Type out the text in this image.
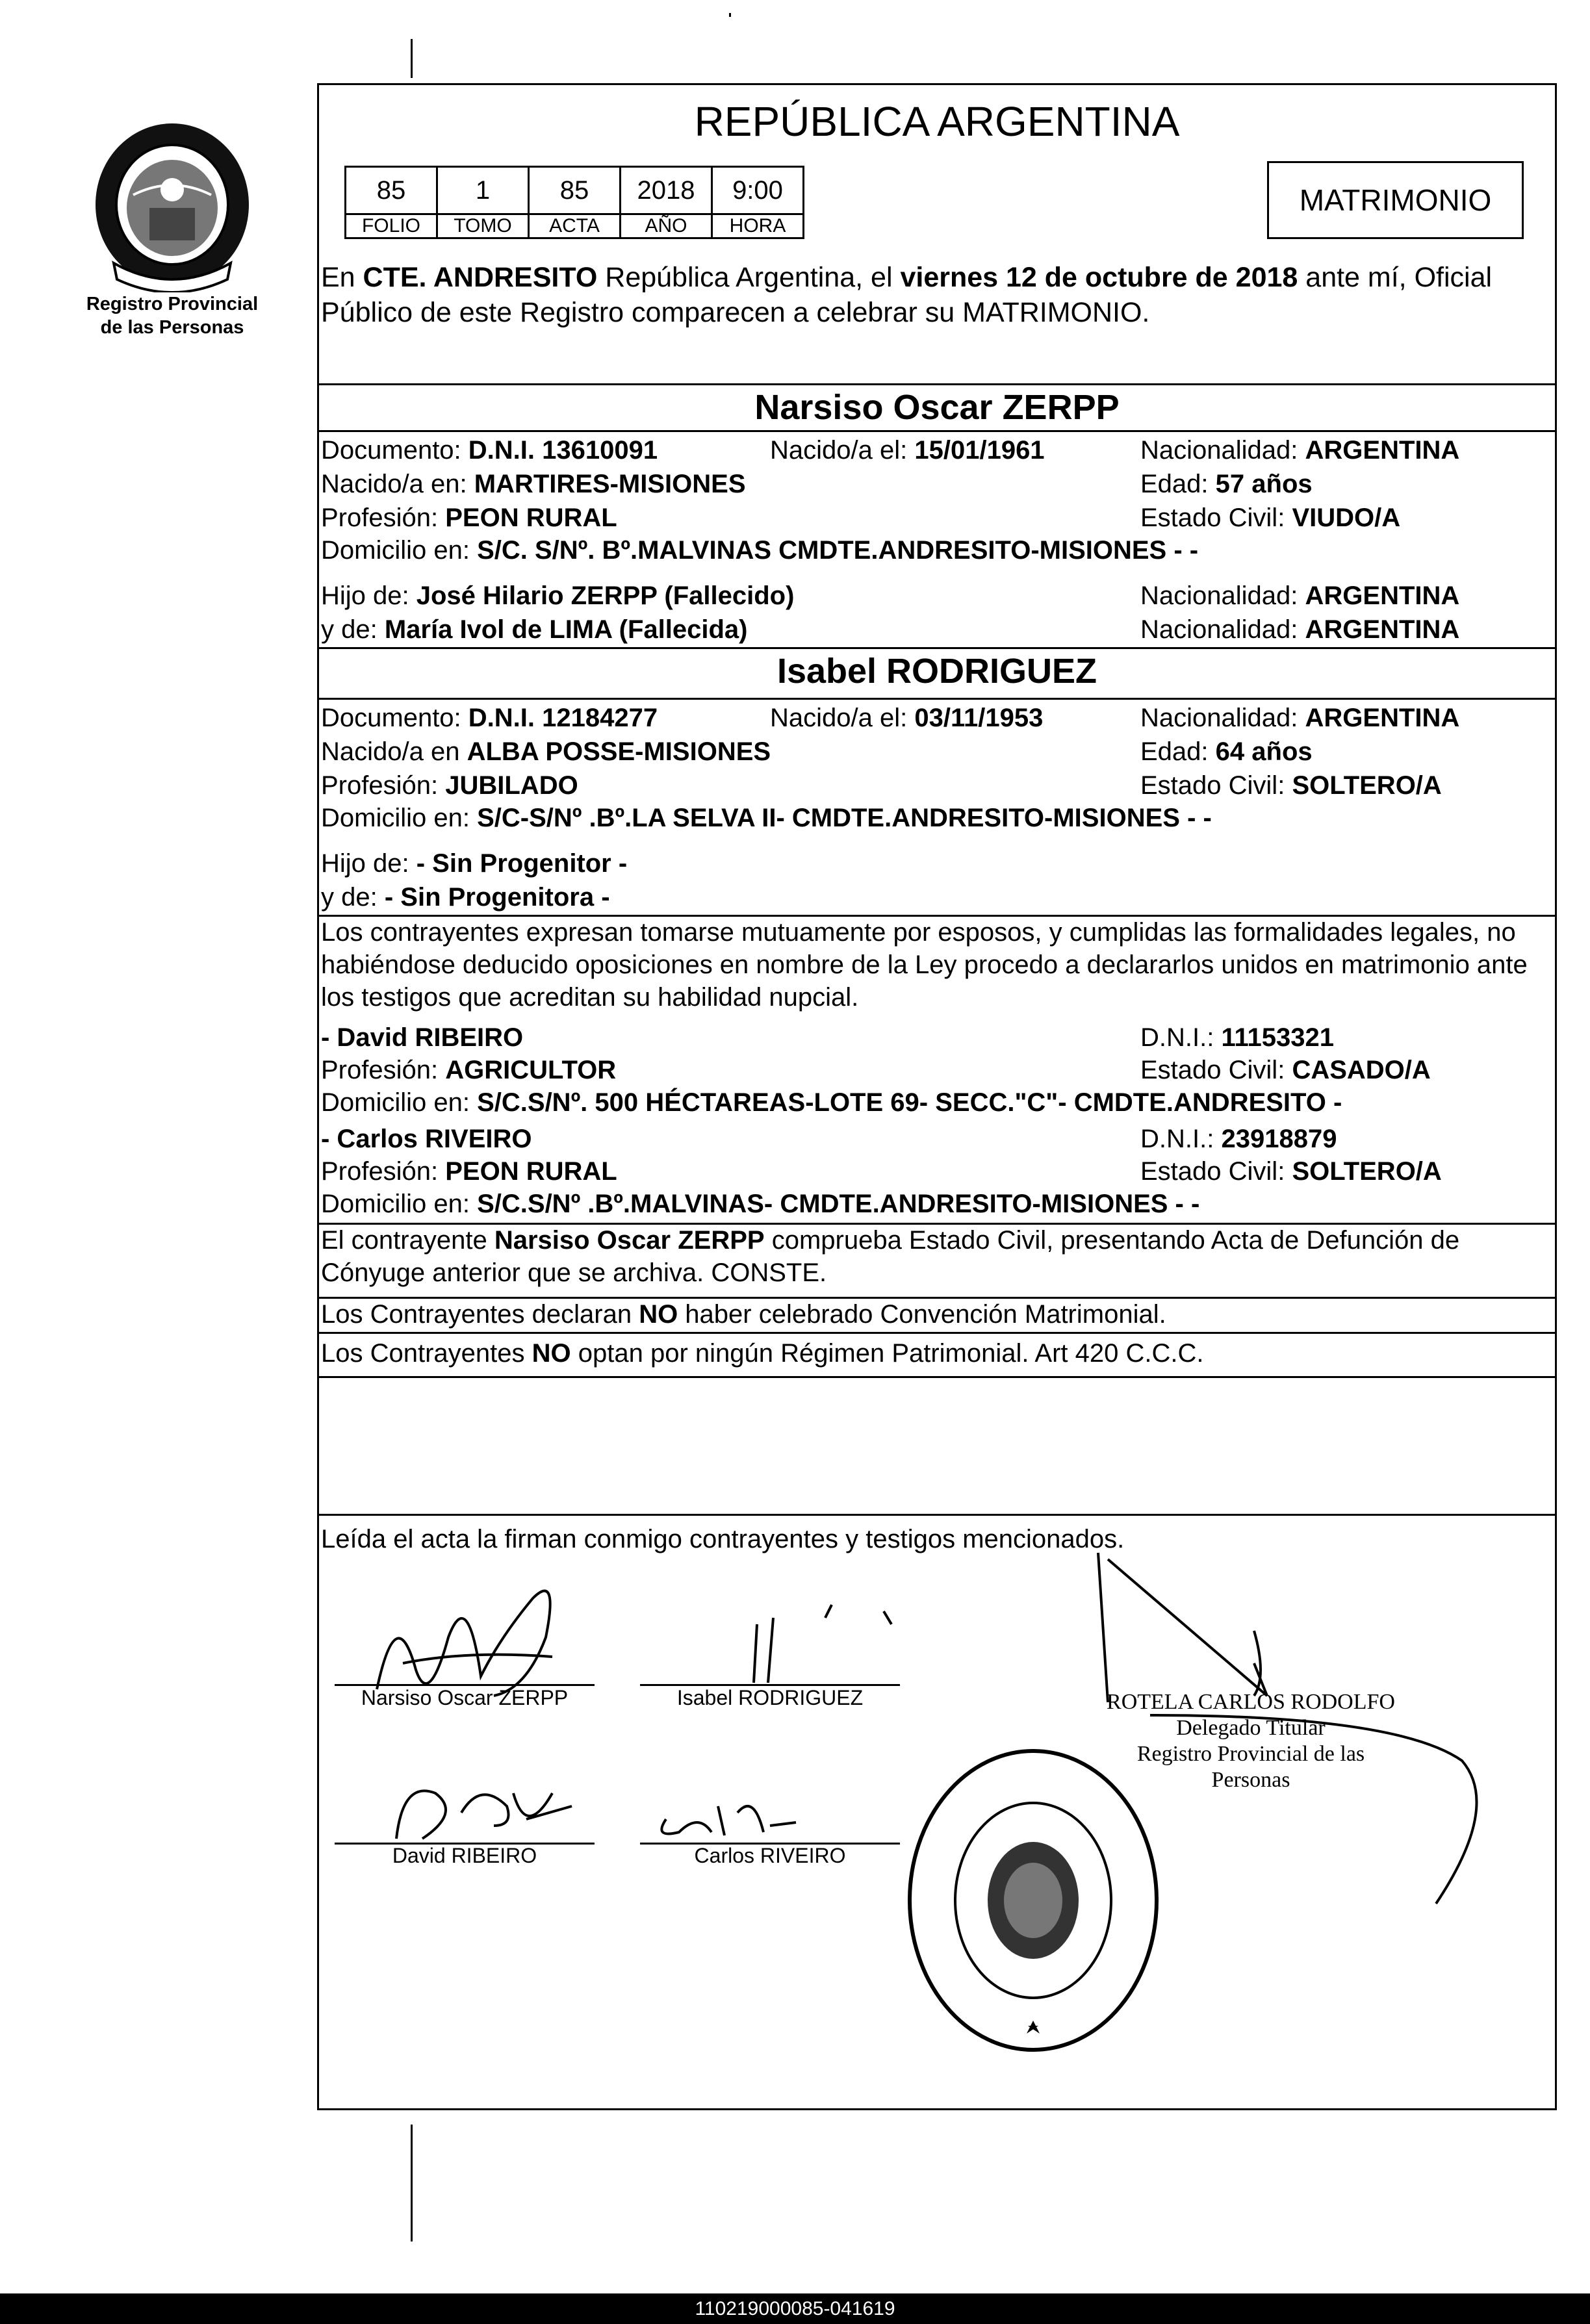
Registro Provincial
de las Personas
REPÚBLICA ARGENTINA
85	1	85	2018	9:00
FOLIO	TOMO	ACTA	AÑO	HORA
MATRIMONIO
En CTE. ANDRESITO República Argentina, el viernes 12 de octubre de 2018 ante mí, Oficial
Público de este Registro comparecen a celebrar su MATRIMONIO.
Narsiso Oscar ZERPP
Documento: D.N.I. 13610091	Nacido/a el: 15/01/1961	Nacionalidad: ARGENTINA
Nacido/a en: MARTIRES-MISIONES	Edad: 57 años
Profesión: PEON RURAL	Estado Civil: VIUDO/A
Domicilio en: S/C. S/Nº. Bº.MALVINAS CMDTE.ANDRESITO-MISIONES - -
Hijo de: José Hilario ZERPP (Fallecido)	Nacionalidad: ARGENTINA
y de: María Ivol de LIMA (Fallecida)	Nacionalidad: ARGENTINA
Isabel RODRIGUEZ
Documento: D.N.I. 12184277	Nacido/a el: 03/11/1953	Nacionalidad: ARGENTINA
Nacido/a en ALBA POSSE-MISIONES	Edad: 64 años
Profesión: JUBILADO	Estado Civil: SOLTERO/A
Domicilio en: S/C-S/Nº .Bº.LA SELVA II- CMDTE.ANDRESITO-MISIONES - -
Hijo de: - Sin Progenitor -
y de: - Sin Progenitora -
Los contrayentes expresan tomarse mutuamente por esposos, y cumplidas las formalidades legales, no
habiéndose deducido oposiciones en nombre de la Ley procedo a declararlos unidos en matrimonio ante
los testigos que acreditan su habilidad nupcial.
- David RIBEIRO	D.N.I.: 11153321
Profesión: AGRICULTOR	Estado Civil: CASADO/A
Domicilio en: S/C.S/Nº. 500 HÉCTAREAS-LOTE 69- SECC."C"- CMDTE.ANDRESITO -
- Carlos RIVEIRO	D.N.I.: 23918879
Profesión: PEON RURAL	Estado Civil: SOLTERO/A
Domicilio en: S/C.S/Nº .Bº.MALVINAS- CMDTE.ANDRESITO-MISIONES - -
El contrayente Narsiso Oscar ZERPP comprueba Estado Civil, presentando Acta de Defunción de
Cónyuge anterior que se archiva. CONSTE.
Los Contrayentes declaran NO haber celebrado Convención Matrimonial.
Los Contrayentes NO optan por ningún Régimen Patrimonial. Art 420 C.C.C.
Leída el acta la firman conmigo contrayentes y testigos mencionados.
Narsiso Oscar ZERPP	Isabel RODRIGUEZ
David RIBEIRO	Carlos RIVEIRO
ROTELA CARLOS RODOLFO
Delegado Titular
Registro Provincial de las Personas
110219000085-041619
